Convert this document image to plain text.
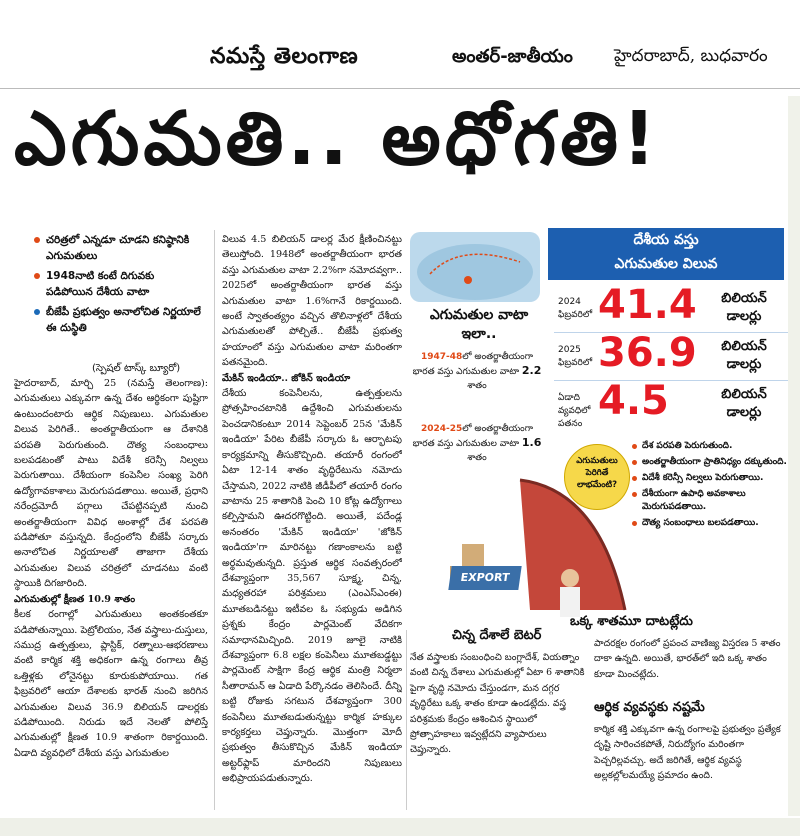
నమస్తే తెలంగాణ	అంతర్-జాతీయం హైదరాబాద్, బుధవారం
ఎగుమతి.. అధోగతి!
చరిత్రలో ఎన్నడూ చూడని కనిష్ఠానికి ఎగుమతులు
1948నాటి కంటే దిగువకు పడిపోయిన దేశీయ వాటా
బీజేపీ ప్రభుత్వం అనాలోచిత నిర్ణయాలే ఈ దుస్థితి
(స్పెషల్ టాస్క్ బ్యూరో)

హైదరాబాద్, మార్చి 25 (నమస్తే తెలంగాణ): ఎగుమతులు ఎక్కువగా ఉన్న దేశం ఆర్థికంగా పుష్టిగా ఉంటుందంటారు ఆర్థిక నిపుణులు. ఎగుమతుల విలువ పెరిగితే.. అంతర్జాతీయంగా ఆ దేశానికి పరపతి పెరుగుతుంది. దౌత్య సంబంధాలు బలపడటంతో పాటు విదేశీ కరెన్సీ నిల్వలు పెరుగుతాయి. దేశీయంగా కంపెనీల సంఖ్య పెరిగి ఉద్యోగావకాశాలు మెరుగుపడతాయి. అయితే, ప్రధాని నరేంద్రమోదీ పగ్గాలు చేపట్టినప్పటి నుంచి అంతర్జాతీయంగా వివిధ అంశాల్లో దేశ పరపతి పడిపోతూ వస్తున్నది. కేంద్రంలోని బీజేపీ సర్కారు అనాలోచిత నిర్ణయాలతో తాజాగా దేశీయ ఎగుమతుల విలువ చరిత్రలో చూడనటు వంటి స్థాయికి దిగజారింది.

ఎగుమతుల్లో క్షీణత 10.9 శాతం

కీలక రంగాల్లో ఎగుమతులు అంతకంతకూ పడిపోతున్నాయి. పెట్రోలియం, నేత వస్త్రాలు-దుస్తులు, సముద్ర ఉత్పత్తులు, ప్లాస్టిక్, రత్నాలు-ఆభరణాలు వంటి కార్మిక శక్తి అధికంగా ఉన్న రంగాలు తీవ్ర ఒత్తిళ్లకు లోనైనట్టు కూరుకుపోయాయి. గత ఫిబ్రవరిలో ఆయా దేశాలకు భారత్ నుంచి జరిగిన ఎగుమతుల విలువ 36.9 బిలియన్ డాలర్లకు పడిపోయింది. నిరుడు ఇదే నెలతో పోలిస్తే ఎగుమతుల్లో క్షీణత 10.9 శాతంగా రికార్డయింది. ఏడాది వ్యవధిలో దేశీయ వస్తు ఎగుమతుల

విలువ 4.5 బిలియన్ డాలర్ల మేర క్షీణించినట్టు తెలుస్తోంది. 1948లో అంతర్జాతీయంగా భారత వస్తు ఎగుమతుల వాటా 2.2%గా నమోదవ్వగా.. 2025లో అంతర్జాతీయంగా భారత వస్తు ఎగుమతుల వాటా 1.6%గానే రికార్డయింది. అంటే స్వాతంత్య్రం వచ్చిన తొలినాళ్లలో దేశీయ ఎగుమతులతో పోల్చితే.. బీజేపీ ప్రభుత్వ హయాంలో వస్తు ఎగుమతుల వాటా మరింతగా పతనమైంది.

మేకిన్ ఇండియా.. జోకిన్ ఇండియా

దేశీయ కంపెనీలను, ఉత్పత్తులను ప్రోత్సహించటానికి ఉద్దేశించి ఎగుమతులను పెంచడానికంటూ 2014 సెప్టెంబర్ 25న 'మేకిన్ ఇండియా' పేరిట బీజేపీ సర్కారు ఓ ఆర్భాటపు కార్యక్రమాన్ని తీసుకొచ్చింది. తయారీ రంగంలో ఏటా 12-14 శాతం వృద్ధిరేటును నమోదు చేస్తామని, 2022 నాటికి జీడీపీలో తయారీ రంగం వాటాను 25 శాతానికి పెంచి 10 కోట్ల ఉద్యోగాలు కల్పిస్తామని ఊదరగొట్టింది. అయితే, పదేండ్ల అనంతరం 'మేకిన్ ఇండియా' 'జోకిన్ ఇండియా'గా మారినట్టు గణాంకాలను బట్టి అర్థమవుతున్నది. ప్రస్తుత ఆర్థిక సంవత్సరంలో దేశవ్యాప్తంగా 35,567 సూక్ష్మ, చిన్న, మధ్యతరహా పరిశ్రమలు (ఎంఎస్ఎంఈ) మూతబడినట్టు ఇటీవల ఓ సభ్యుడు అడిగిన ప్రశ్నకు కేంద్రం పార్లమెంట్ వేదికగా సమాధానమిచ్చింది. 2019 జూలై నాటికి దేశవ్యాప్తంగా 6.8 లక్షల కంపెనీలు మూతబడ్డట్టు పార్లమెంట్ సాక్షిగా కేంద్ర ఆర్థిక మంత్రి నిర్మలా సీతారామన్ ఆ ఏడాది పేర్కొనడం తెలిసిందే. దీన్ని బట్టి రోజుకు సగటున దేశవ్యాప్తంగా 300 కంపెనీలు మూతబడుతున్నట్టు కార్మిక హక్కుల కార్యకర్తలు చెప్తున్నారు. మొత్తంగా మోదీ ప్రభుత్వం తీసుకొచ్చిన మేకిన్ ఇండియా అట్టర్‌ఫ్లాప్ మారిందని నిపుణులు అభిప్రాయపడుతున్నారు.

దేశీయ వస్తు
ఎగుమతుల విలువ
ఎగుమతుల వాటా ఇలా..
1947-48లో అంతర్జాతీయంగా భారత వస్తు ఎగుమతుల వాటా 2.2 శాతం
2024-25లో అంతర్జాతీయంగా భారత వస్తు ఎగుమతుల వాటా 1.6 శాతం
2024 ఫిబ్రవరిలో 41.4	బిలియన్ డాలర్లు
2025 ఫిబ్రవరిలో 36.9	బిలియన్ డాలర్లు
ఏడాది వ్యవధిలో పతనం 4.5	బిలియన్ డాలర్లు
ఎగుమతులు పెరిగితే లాభమేంటి?
దేశ పరపతి పెరుగుతుంది.
అంతర్జాతీయంగా ప్రాతినిధ్యం దక్కుతుంది.
విదేశీ కరెన్సీ నిల్వలు పెరుగుతాయి.
దేశీయంగా ఉపాధి అవకాశాలు మెరుగుపడతాయి.
దౌత్య సంబంధాలు బలపడతాయి.
EXPORT
చిన్న దేశాలే బెటర్
నేత వస్త్రాలకు సంబంధించి బంగ్లాదేశ్, వియత్నాం వంటి చిన్న దేశాలు ఎగుమతుల్లో ఏటా 6 శాతానికి పైగా వృద్ధి నమోదు చేస్తుండగా, మన దగ్గర వృద్ధిరేటు ఒక్క శాతం కూడా ఉండట్లేదు. వస్త్ర పరిశ్రమకు కేంద్రం ఆశించిన స్థాయిలో ప్రోత్సాహకాలు ఇవ్వట్లేదని వ్యాపారులు చెప్తున్నారు.
ఒక్క శాతమూ దాటట్లేదు
పాదరక్షల రంగంలో ప్రపంచ వాణిజ్య విస్తరణ 5 శాతం దాకా ఉన్నది. అయితే, భారత్‌లో ఇది ఒక్క శాతం కూడా మించట్లేదు.
ఆర్థిక వ్యవస్థకు నష్టమే
కార్మిక శక్తి ఎక్కువగా ఉన్న రంగాలపై ప్రభుత్వం ప్రత్యేక దృష్టి సారించకపోతే, నిరుద్యోగం మరింతగా పెచ్చరిల్లవచ్చు. అదే జరిగితే, ఆర్థిక వ్యవస్థ అల్లకల్లోలమయ్యే ప్రమాదం ఉంది.
